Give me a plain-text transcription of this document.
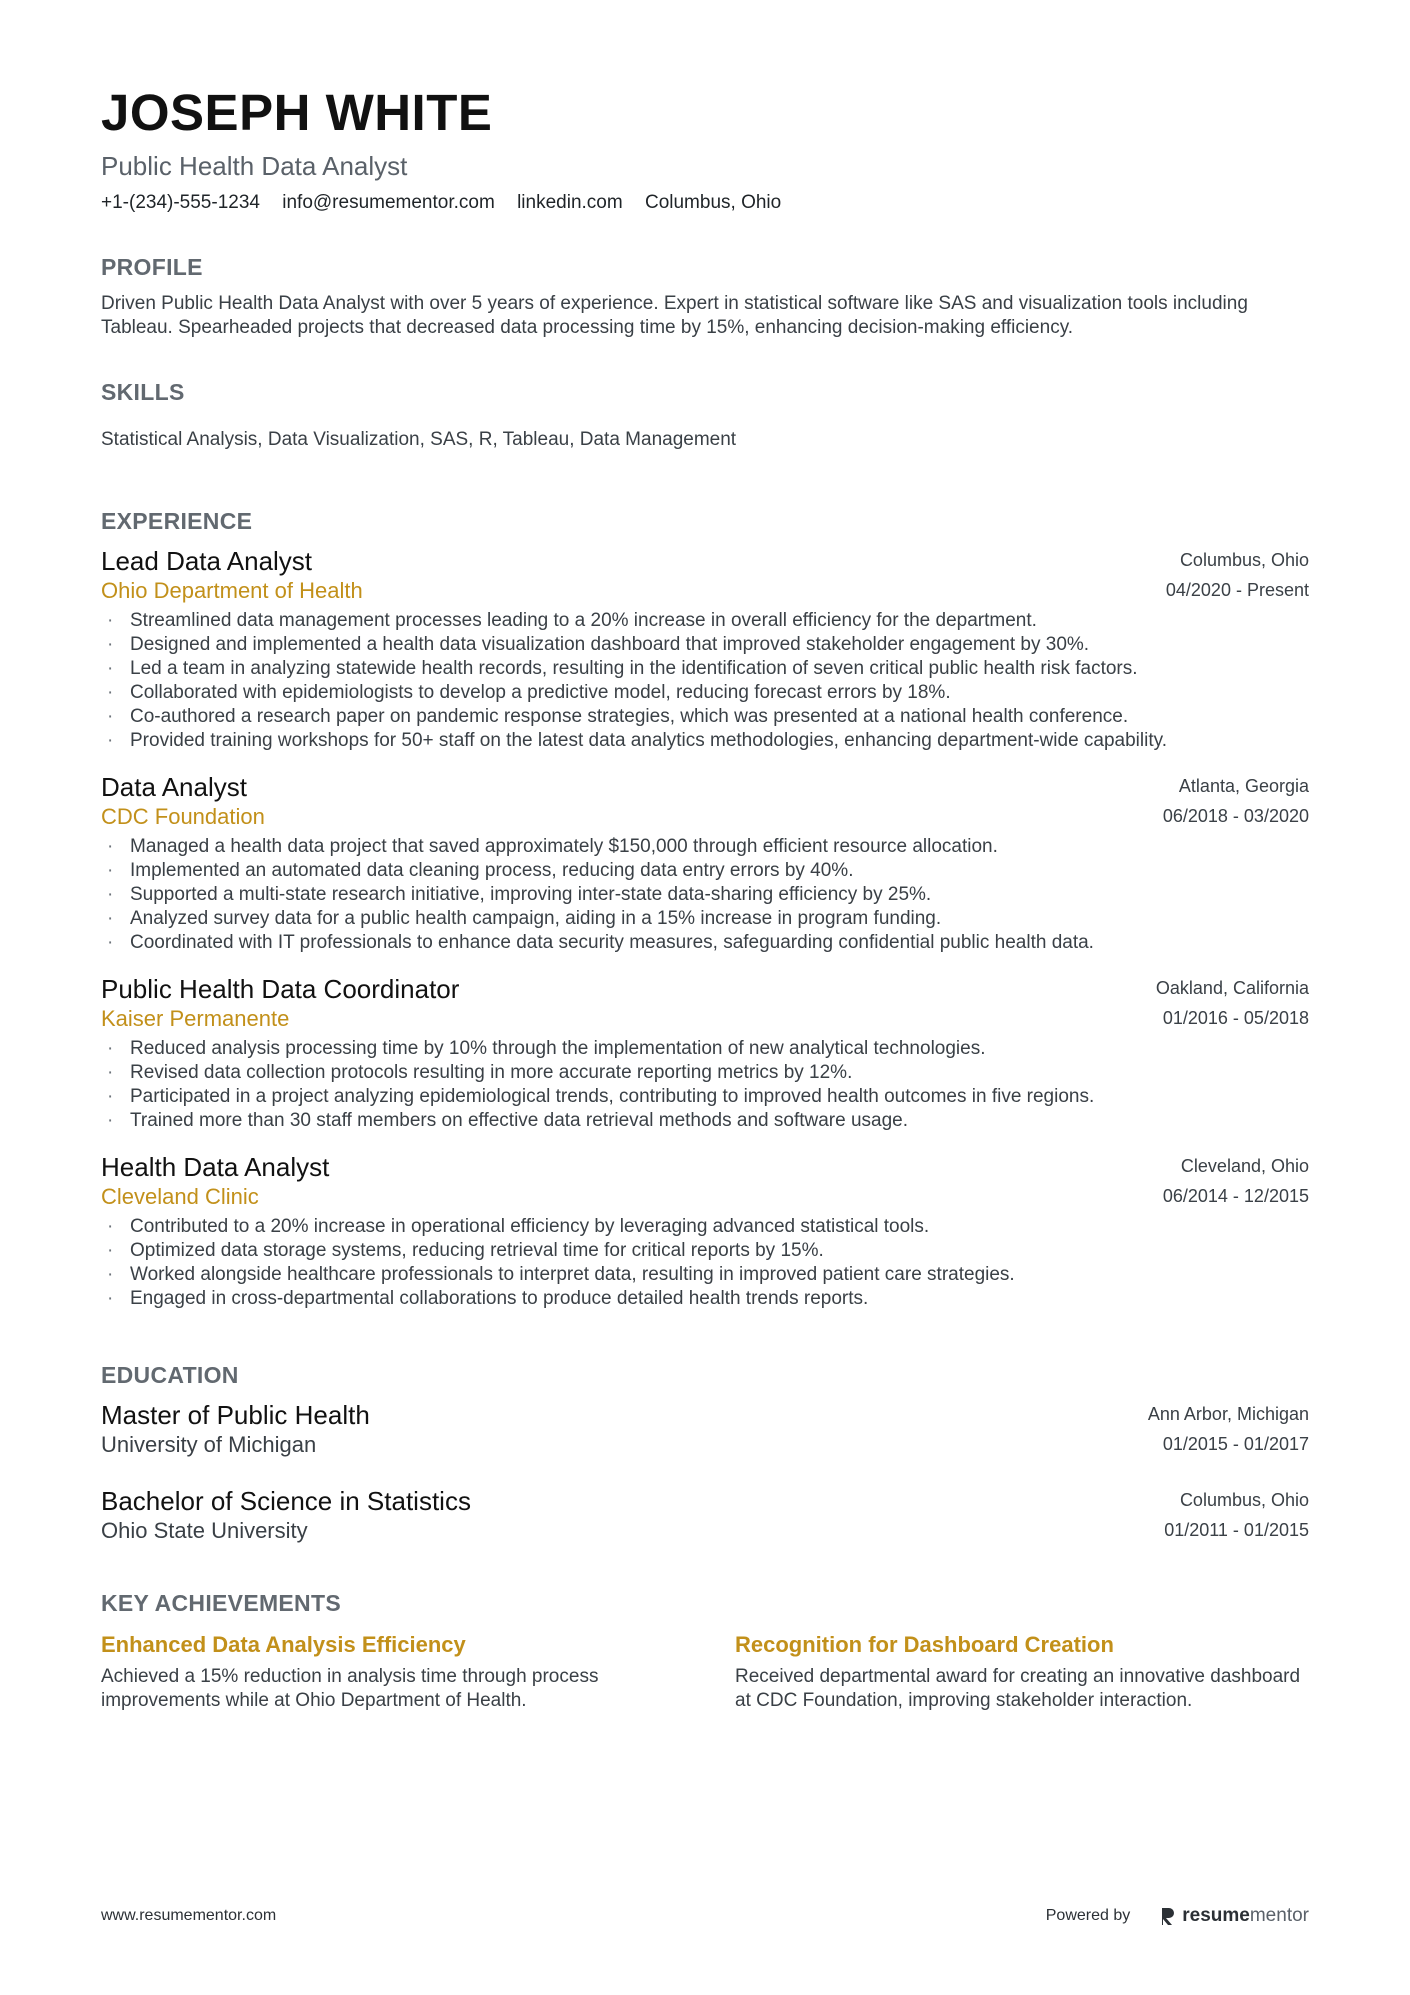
JOSEPH WHITE
Public Health Data Analyst
+1-(234)-555-1234 info@resumementor.com linkedin.com Columbus, Ohio
PROFILE
Driven Public Health Data Analyst with over 5 years of experience. Expert in statistical software like SAS and visualization tools including Tableau. Spearheaded projects that decreased data processing time by 15%, enhancing decision-making efficiency.
SKILLS
Statistical Analysis, Data Visualization, SAS, R, Tableau, Data Management
EXPERIENCE
Lead Data Analyst
Ohio Department of Health
Columbus, Ohio
04/2020 - Present
· Streamlined data management processes leading to a 20% increase in overall efficiency for the department.
· Designed and implemented a health data visualization dashboard that improved stakeholder engagement by 30%.
· Led a team in analyzing statewide health records, resulting in the identification of seven critical public health risk factors.
· Collaborated with epidemiologists to develop a predictive model, reducing forecast errors by 18%.
· Co-authored a research paper on pandemic response strategies, which was presented at a national health conference.
· Provided training workshops for 50+ staff on the latest data analytics methodologies, enhancing department-wide capability.
Data Analyst
CDC Foundation
Atlanta, Georgia
06/2018 - 03/2020
· Managed a health data project that saved approximately $150,000 through efficient resource allocation.
· Implemented an automated data cleaning process, reducing data entry errors by 40%.
· Supported a multi-state research initiative, improving inter-state data-sharing efficiency by 25%.
· Analyzed survey data for a public health campaign, aiding in a 15% increase in program funding.
· Coordinated with IT professionals to enhance data security measures, safeguarding confidential public health data.
Public Health Data Coordinator
Kaiser Permanente
Oakland, California
01/2016 - 05/2018
· Reduced analysis processing time by 10% through the implementation of new analytical technologies.
· Revised data collection protocols resulting in more accurate reporting metrics by 12%.
· Participated in a project analyzing epidemiological trends, contributing to improved health outcomes in five regions.
· Trained more than 30 staff members on effective data retrieval methods and software usage.
Health Data Analyst
Cleveland Clinic
Cleveland, Ohio
06/2014 - 12/2015
· Contributed to a 20% increase in operational efficiency by leveraging advanced statistical tools.
· Optimized data storage systems, reducing retrieval time for critical reports by 15%.
· Worked alongside healthcare professionals to interpret data, resulting in improved patient care strategies.
· Engaged in cross-departmental collaborations to produce detailed health trends reports.
EDUCATION
Master of Public Health
University of Michigan
Ann Arbor, Michigan
01/2015 - 01/2017
Bachelor of Science in Statistics
Ohio State University
Columbus, Ohio
01/2011 - 01/2015
KEY ACHIEVEMENTS
Enhanced Data Analysis Efficiency
Achieved a 15% reduction in analysis time through process improvements while at Ohio Department of Health.
Recognition for Dashboard Creation
Received departmental award for creating an innovative dashboard at CDC Foundation, improving stakeholder interaction.
www.resumementor.com	Powered by	resumementor
